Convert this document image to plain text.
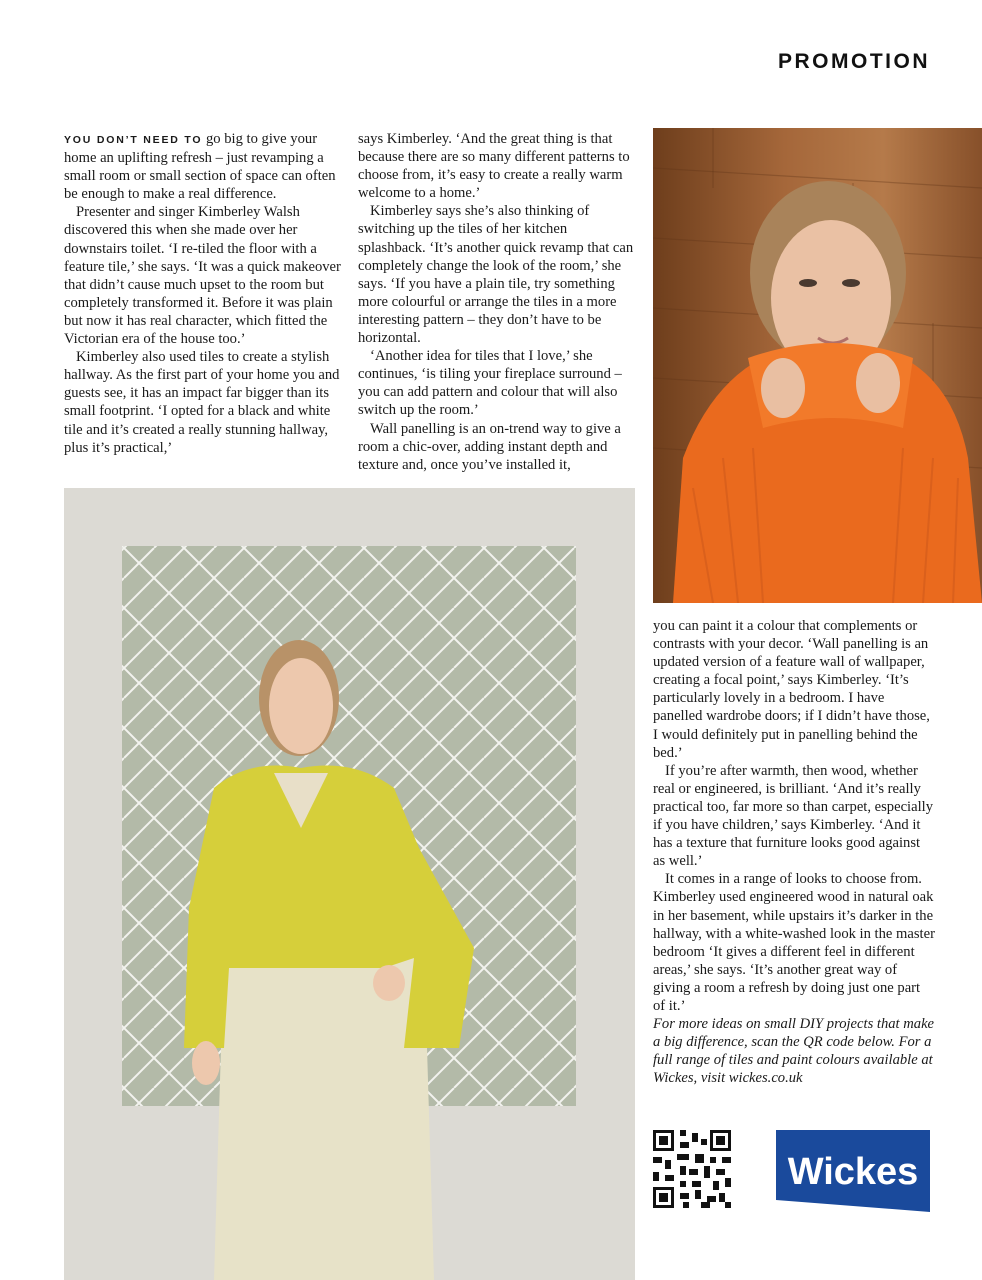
PROMOTION

YOU DON’T NEED TO go big to give your home an uplifting refresh – just revamping a small room or small section of space can often be enough to make a real difference.

Presenter and singer Kimberley Walsh discovered this when she made over her downstairs toilet. ‘I re-tiled the floor with a feature tile,’ she says. ‘It was a quick makeover that didn’t cause much upset to the room but completely transformed it. Before it was plain but now it has real character, which fitted the Victorian era of the house too.’

Kimberley also used tiles to create a stylish hallway. As the first part of your home you and guests see, it has an impact far bigger than its small footprint. ‘I opted for a black and white tile and it’s created a really stunning hallway, plus it’s practical,’

says Kimberley. ‘And the great thing is that because there are so many different patterns to choose from, it’s easy to create a really warm welcome to a home.’

Kimberley says she’s also thinking of switching up the tiles of her kitchen splashback. ‘It’s another quick revamp that can completely change the look of the room,’ she says. ‘If you have a plain tile, try something more colourful or arrange the tiles in a more interesting pattern – they don’t have to be horizontal.

‘Another idea for tiles that I love,’ she continues, ‘is tiling your fireplace surround – you can add pattern and colour that will also switch up the room.’

Wall panelling is an on-trend way to give a room a chic-over, adding instant depth and texture and, once you’ve installed it,

you can paint it a colour that complements or contrasts with your decor. ‘Wall panelling is an updated version of a feature wall of wallpaper, creating a focal point,’ says Kimberley. ‘It’s particularly lovely in a bedroom. I have panelled wardrobe doors; if I didn’t have those, I would definitely put in panelling behind the bed.’

If you’re after warmth, then wood, whether real or engineered, is brilliant. ‘And it’s really practical too, far more so than carpet, especially if you have children,’ says Kimberley. ‘And it has a texture that furniture looks good against as well.’

It comes in a range of looks to choose from. Kimberley used engineered wood in natural oak in her basement, while upstairs it’s darker in the hallway, with a white-washed look in the master bedroom ‘It gives a different feel in different areas,’ she says. ‘It’s another great way of giving a room a refresh by doing just one part of it.’

For more ideas on small DIY projects that make a big difference, scan the QR code below. For a full range of tiles and paint colours available at Wickes, visit wickes.co.uk

Wickes
